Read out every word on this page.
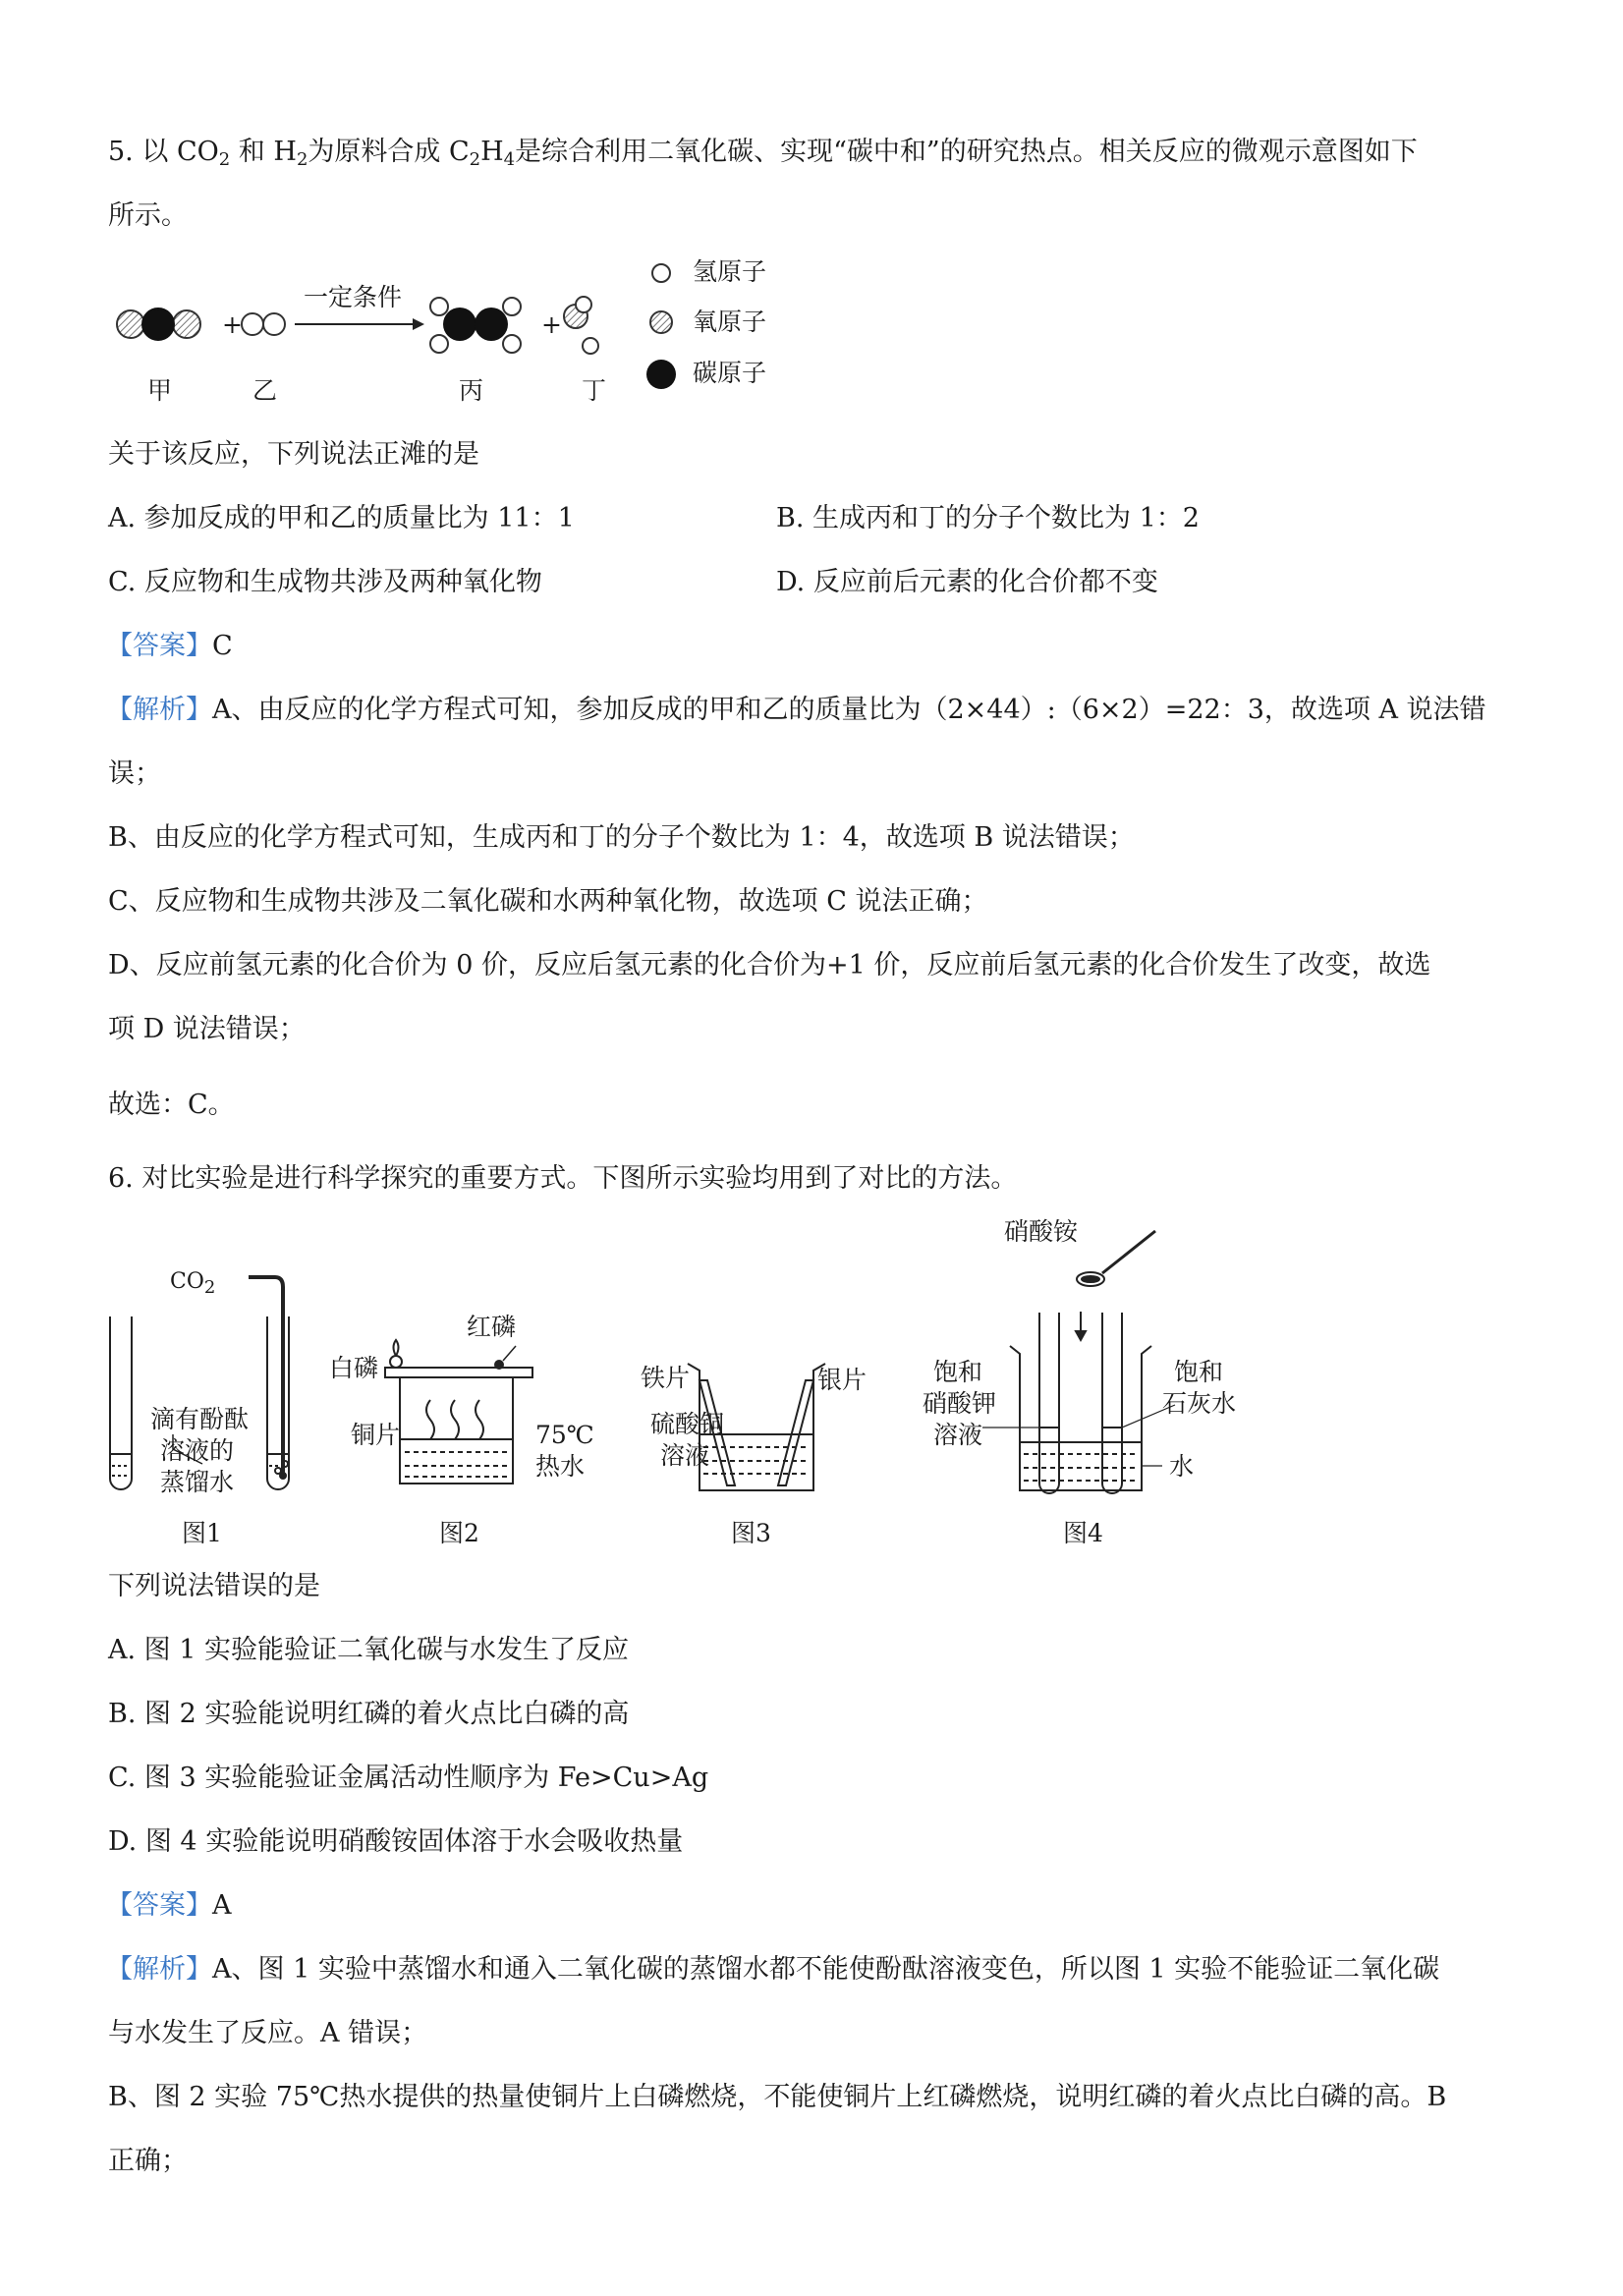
5. 以 $CO_2$ 和 $H_2$为原料合成 $C_2H_4$是综合利用二氧化碳、实现“碳中和”的研究热点。相关反应的微观示意图如下
所示。
+	+
一定条件
甲	乙	丙	丁
氢原子
氧原子
碳原子
关于该反应，下列说法正滩的是
A. 参加反成的甲和乙的质量比为 11：1	B. 生成丙和丁的分子个数比为 1：2
C. 反应物和生成物共涉及两种氧化物	D. 反应前后元素的化合价都不变
【答案】C
【解析】A、由反应的化学方程式可知，参加反成的甲和乙的质量比为（2×44）:（6×2）=22：3，故选项 A 说法错
误；
B、由反应的化学方程式可知，生成丙和丁的分子个数比为 1：4，故选项 B 说法错误；
C、反应物和生成物共涉及二氧化碳和水两种氧化物，故选项 C 说法正确；
D、反应前氢元素的化合价为 0 价，反应后氢元素的化合价为+1 价，反应前后氢元素的化合价发生了改变，故选
项 D 说法错误；
故选：C。
6. 对比实验是进行科学探究的重要方式。下图所示实验均用到了对比的方法。
$CO_2$
滴有酚酞
溶液的
蒸馏水
图1
白磷
红磷
铜片	75℃
热水
图2
铁片	银片
硫酸铜
溶液
图3
硝酸铵
饱和
硝酸钾
溶液
饱和
石灰水
水
图4
下列说法错误的是
A. 图 1 实验能验证二氧化碳与水发生了反应
B. 图 2 实验能说明红磷的着火点比白磷的高
C. 图 3 实验能验证金属活动性顺序为 Fe>Cu>Ag
D. 图 4 实验能说明硝酸铵固体溶于水会吸收热量
【答案】A
【解析】A、图 1 实验中蒸馏水和通入二氧化碳的蒸馏水都不能使酚酞溶液变色，所以图 1 实验不能验证二氧化碳
与水发生了反应。A 错误；
B、图 2 实验 75℃热水提供的热量使铜片上白磷燃烧，不能使铜片上红磷燃烧，说明红磷的着火点比白磷的高。B
正确；
